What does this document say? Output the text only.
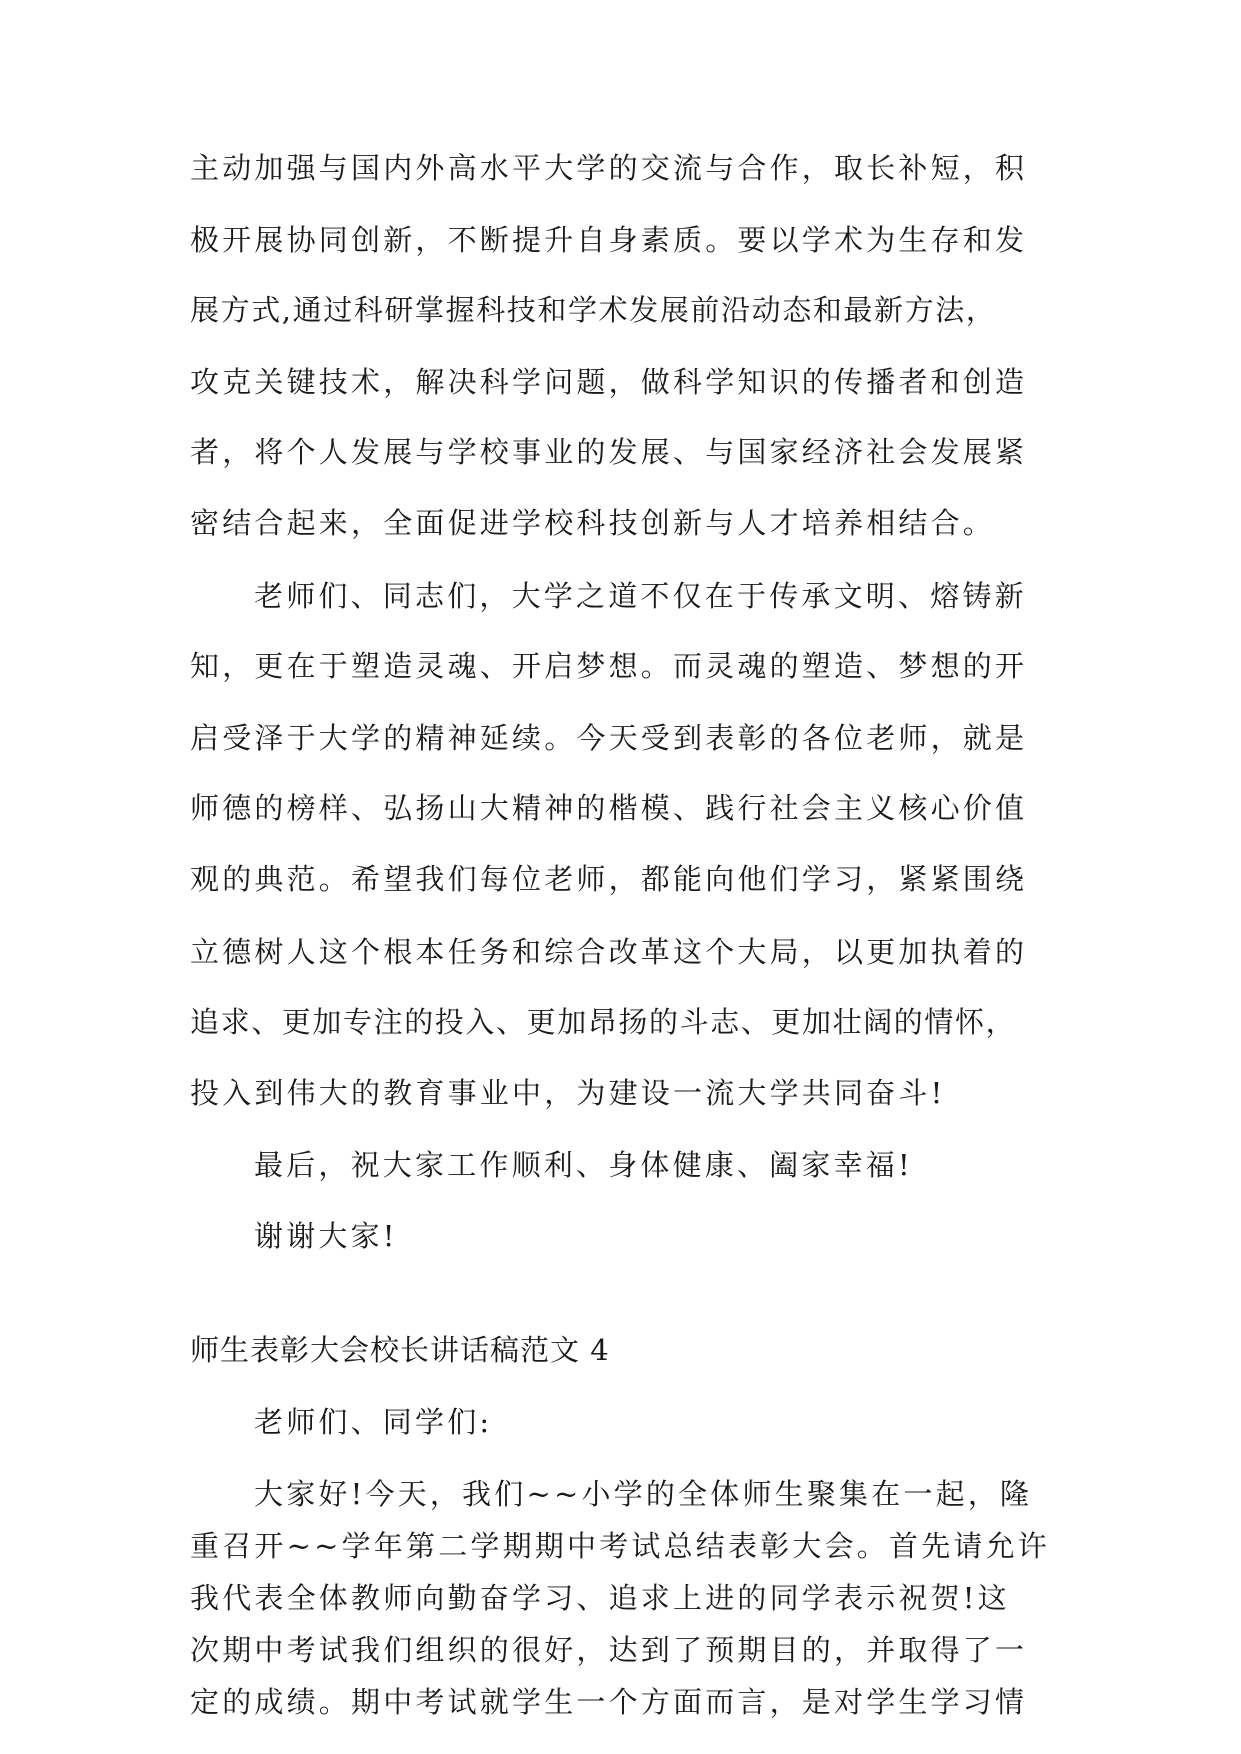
主动加强与国内外高水平大学的交流与合作，取长补短，积
极开展协同创新，不断提升自身素质。要以学术为生存和发
展方式,通过科研掌握科技和学术发展前沿动态和最新方法，
攻克关键技术，解决科学问题，做科学知识的传播者和创造
者，将个人发展与学校事业的发展、与国家经济社会发展紧
密结合起来，全面促进学校科技创新与人才培养相结合。
老师们、同志们，大学之道不仅在于传承文明、熔铸新
知，更在于塑造灵魂、开启梦想。而灵魂的塑造、梦想的开
启受泽于大学的精神延续。今天受到表彰的各位老师，就是
师德的榜样、弘扬山大精神的楷模、践行社会主义核心价值
观的典范。希望我们每位老师，都能向他们学习，紧紧围绕
立德树人这个根本任务和综合改革这个大局，以更加执着的
追求、更加专注的投入、更加昂扬的斗志、更加壮阔的情怀，
投入到伟大的教育事业中，为建设一流大学共同奋斗!
最后，祝大家工作顺利、身体健康、阖家幸福!
谢谢大家!
师生表彰大会校长讲话稿范文 4
老师们、同学们:
大家好!今天，我们~~小学的全体师生聚集在一起，隆
重召开~~学年第二学期期中考试总结表彰大会。首先请允许
我代表全体教师向勤奋学习、追求上进的同学表示祝贺!这
次期中考试我们组织的很好，达到了预期目的，并取得了一
定的成绩。期中考试就学生一个方面而言，是对学生学习情
